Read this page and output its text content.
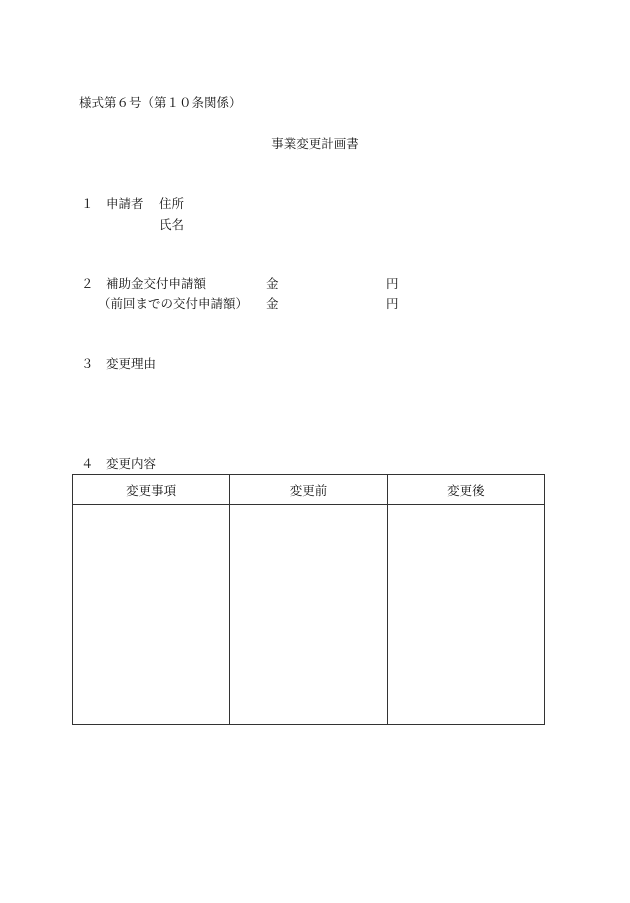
様式第６号（第１０条関係）
事業変更計画書
１ 申請者 住所
氏名
２ 補助金交付申請額	金	円
（前回までの交付申請額） 金	円
３ 変更理由
４ 変更内容
変更事項	変更前	変更後
